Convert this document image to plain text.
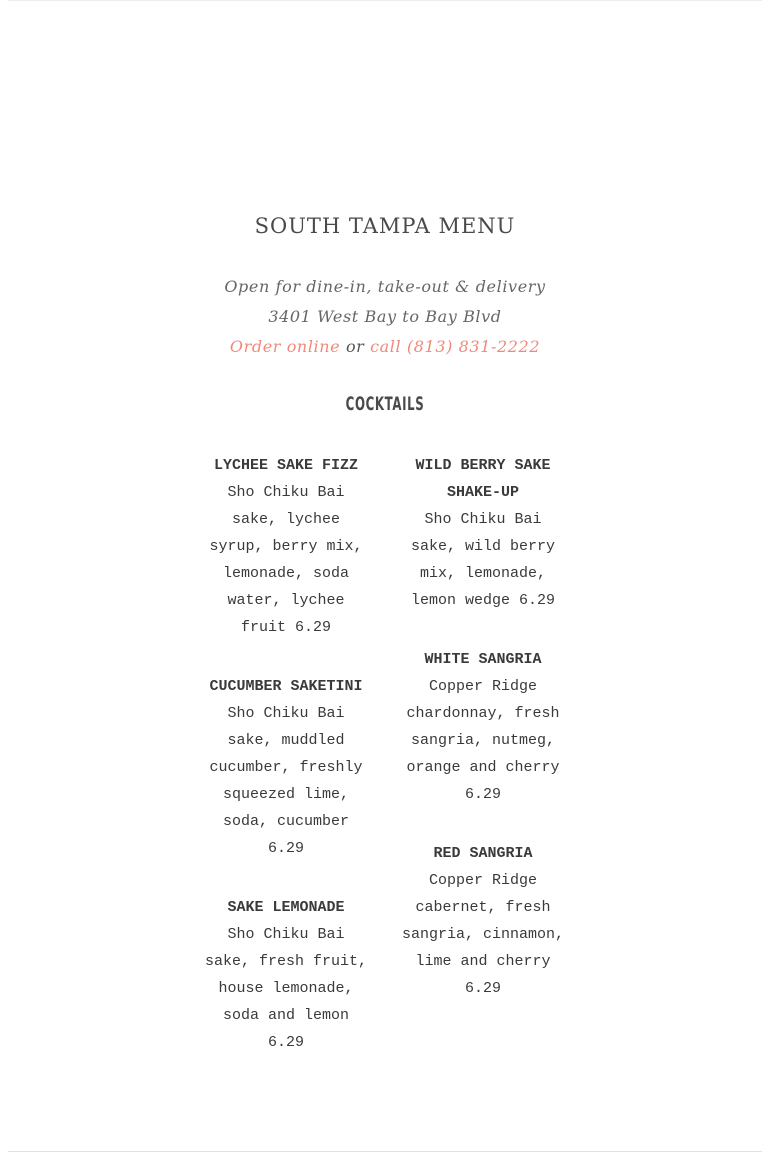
SOUTH TAMPA MENU
Open for dine-in, take-out & delivery
3401 West Bay to Bay Blvd
Order online or call (813) 831-2222
COCKTAILS
LYCHEE SAKE FIZZ
Sho Chiku Bai sake, lychee syrup, berry mix, lemonade, soda water, lychee fruit 6.29
CUCUMBER SAKETINI
Sho Chiku Bai sake, muddled cucumber, freshly squeezed lime, soda, cucumber 6.29
SAKE LEMONADE
Sho Chiku Bai sake, fresh fruit, house lemonade, soda and lemon 6.29
WILD BERRY SAKE SHAKE-UP
Sho Chiku Bai sake, wild berry mix, lemonade, lemon wedge 6.29
WHITE SANGRIA
Copper Ridge chardonnay, fresh sangria, nutmeg, orange and cherry 6.29
RED SANGRIA
Copper Ridge cabernet, fresh sangria, cinnamon, lime and cherry 6.29
